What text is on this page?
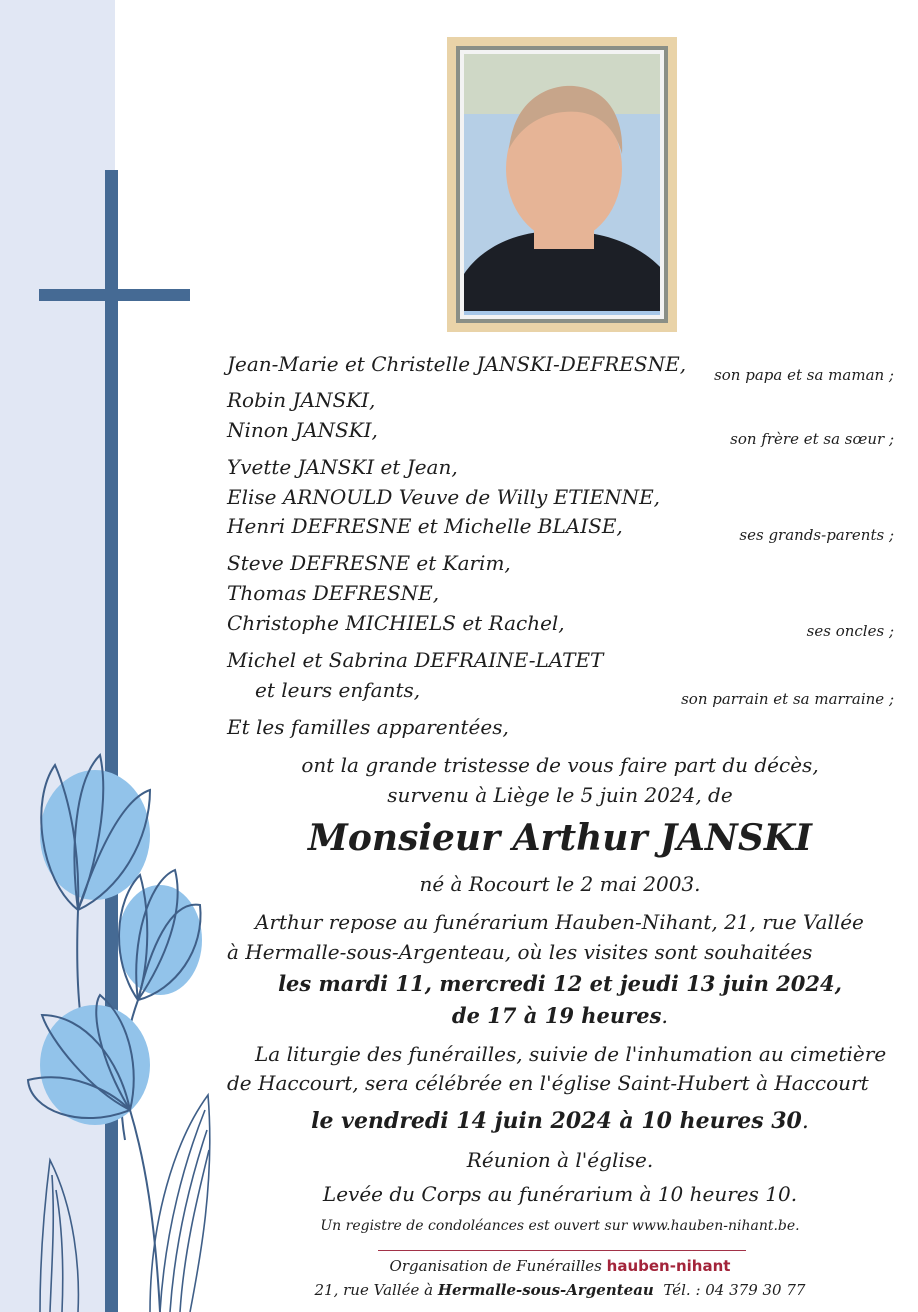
Jean-Marie et Christelle JANSKI-DEFRESNE,
Robin JANSKI,
Ninon JANSKI,
Yvette JANSKI et Jean,
Elise ARNOULD Veuve de Willy ETIENNE,
Henri DEFRESNE et Michelle BLAISE,
Steve DEFRESNE et Karim,
Thomas DEFRESNE,
Christophe MICHIELS et Rachel,
Michel et Sabrina DEFRAINE-LATET
et leurs enfants,
Et les familles apparentées,
son papa et sa maman ;
son frère et sa sœur ;
ses grands-parents ;
ses oncles ;
son parrain et sa marraine ;
ont la grande tristesse de vous faire part du décès,
survenu à Liège le 5 juin 2024, de
Monsieur Arthur JANSKI
né à Rocourt le 2 mai 2003.
Arthur repose au funérarium Hauben-Nihant, 21, rue Vallée
à Hermalle-sous-Argenteau, où les visites sont souhaitées
les mardi 11, mercredi 12 et jeudi 13 juin 2024,
de 17 à 19 heures.
La liturgie des funérailles, suivie de l'inhumation au cimetière
de Haccourt, sera célébrée en l'église Saint-Hubert à Haccourt
le vendredi 14 juin 2024 à 10 heures 30.
Réunion à l'église.
Levée du Corps au funérarium à 10 heures 10.
Un registre de condoléances est ouvert sur www.hauben-nihant.be.
Organisation de Funérailles hauben-nihant
21, rue Vallée à Hermalle-sous-Argenteau Tél. : 04 379 30 77
